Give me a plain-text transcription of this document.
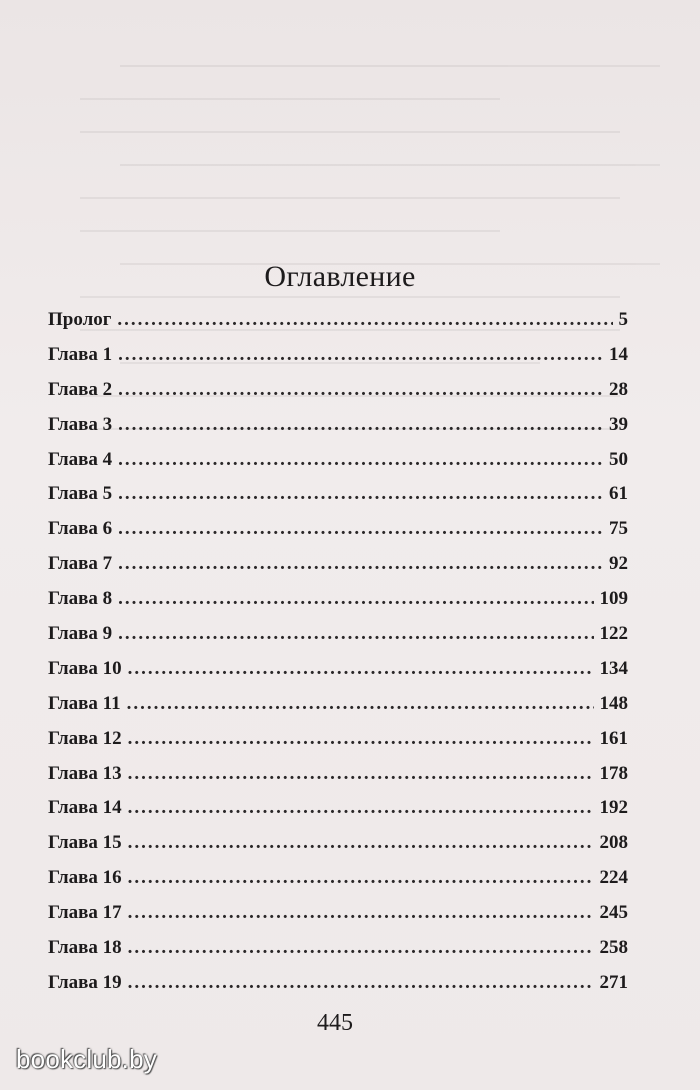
Оглавление
Пролог .....	5
Глава 1 .....	14
Глава 2 .....	28
Глава 3 .....	39
Глава 4 .....	50
Глава 5 .....	61
Глава 6 .....	75
Глава 7 .....	92
Глава 8 .....	109
Глава 9 .....	122
Глава 10 .....	134
Глава 11 .....	148
Глава 12 .....	161
Глава 13 .....	178
Глава 14 .....	192
Глава 15 .....	208
Глава 16 .....	224
Глава 17 .....	245
Глава 18 .....	258
Глава 19 .....	271
445
bookclub.by
